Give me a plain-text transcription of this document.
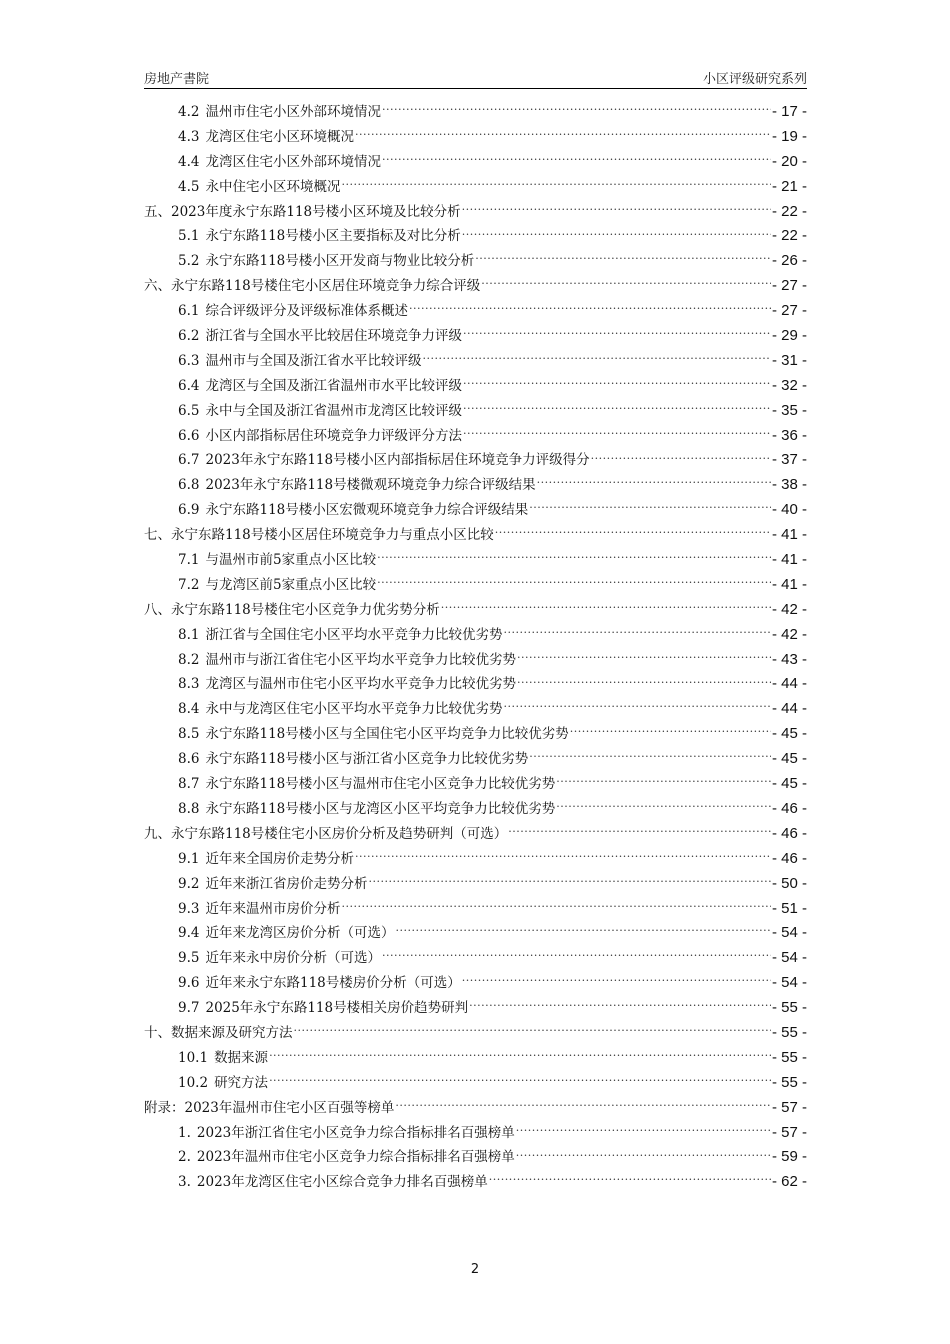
房地产書院	小区评级研究系列
4.2 温州市住宅小区外部环境情况 .....	- 17 -
4.3 龙湾区住宅小区环境概况 .....	- 19 -
4.4 龙湾区住宅小区外部环境情况 .....	- 20 -
4.5 永中住宅小区环境概况 .....	- 21 -
五、 2023年度永宁东路118号楼小区环境及比较分析 .....	- 22 -
5.1 永宁东路118号楼小区主要指标及对比分析 .....	- 22 -
5.2 永宁东路118号楼小区开发商与物业比较分析 .....	- 26 -
六、 永宁东路118号楼住宅小区居住环境竞争力综合评级 .....	- 27 -
6.1 综合评级评分及评级标准体系概述 .....	- 27 -
6.2 浙江省与全国水平比较居住环境竞争力评级 .....	- 29 -
6.3 温州市与全国及浙江省水平比较评级 .....	- 31 -
6.4 龙湾区与全国及浙江省温州市水平比较评级 .....	- 32 -
6.5 永中与全国及浙江省温州市龙湾区比较评级 .....	- 35 -
6.6 小区内部指标居住环境竞争力评级评分方法 .....	- 36 -
6.7 2023年永宁东路118号楼小区内部指标居住环境竞争力评级得分 .....	- 37 -
6.8 2023年永宁东路118号楼微观环境竞争力综合评级结果 .....	- 38 -
6.9 永宁东路118号楼小区宏微观环境竞争力综合评级结果 .....	- 40 -
七、 永宁东路118号楼小区居住环境竞争力与重点小区比较 .....	- 41 -
7.1 与温州市前5家重点小区比较 .....	- 41 -
7.2 与龙湾区前5家重点小区比较 .....	- 41 -
八、 永宁东路118号楼住宅小区竞争力优劣势分析 .....	- 42 -
8.1 浙江省与全国住宅小区平均水平竞争力比较优劣势 .....	- 42 -
8.2 温州市与浙江省住宅小区平均水平竞争力比较优劣势 .....	- 43 -
8.3 龙湾区与温州市住宅小区平均水平竞争力比较优劣势 .....	- 44 -
8.4 永中与龙湾区住宅小区平均水平竞争力比较优劣势 .....	- 44 -
8.5 永宁东路118号楼小区与全国住宅小区平均竞争力比较优劣势 .....	- 45 -
8.6 永宁东路118号楼小区与浙江省小区竞争力比较优劣势 .....	- 45 -
8.7 永宁东路118号楼小区与温州市住宅小区竞争力比较优劣势 .....	- 45 -
8.8 永宁东路118号楼小区与龙湾区小区平均竞争力比较优劣势 .....	- 46 -
九、 永宁东路118号楼住宅小区房价分析及趋势研判（可选） .....	- 46 -
9.1 近年来全国房价走势分析 .....	- 46 -
9.2 近年来浙江省房价走势分析 .....	- 50 -
9.3 近年来温州市房价分析 .....	- 51 -
9.4 近年来龙湾区房价分析（可选） .....	- 54 -
9.5 近年来永中房价分析（可选） .....	- 54 -
9.6 近年来永宁东路118号楼房价分析（可选） .....	- 54 -
9.7 2025年永宁东路118号楼相关房价趋势研判 .....	- 55 -
十、 数据来源及研究方法 .....	- 55 -
10.1 数据来源 .....	- 55 -
10.2 研究方法 .....	- 55 -
附录： 2023年温州市住宅小区百强等榜单 .....	- 57 -
1. 2023年浙江省住宅小区竞争力综合指标排名百强榜单 .....	- 57 -
2. 2023年温州市住宅小区竞争力综合指标排名百强榜单 .....	- 59 -
3. 2023年龙湾区住宅小区综合竞争力排名百强榜单 .....	- 62 -
2
